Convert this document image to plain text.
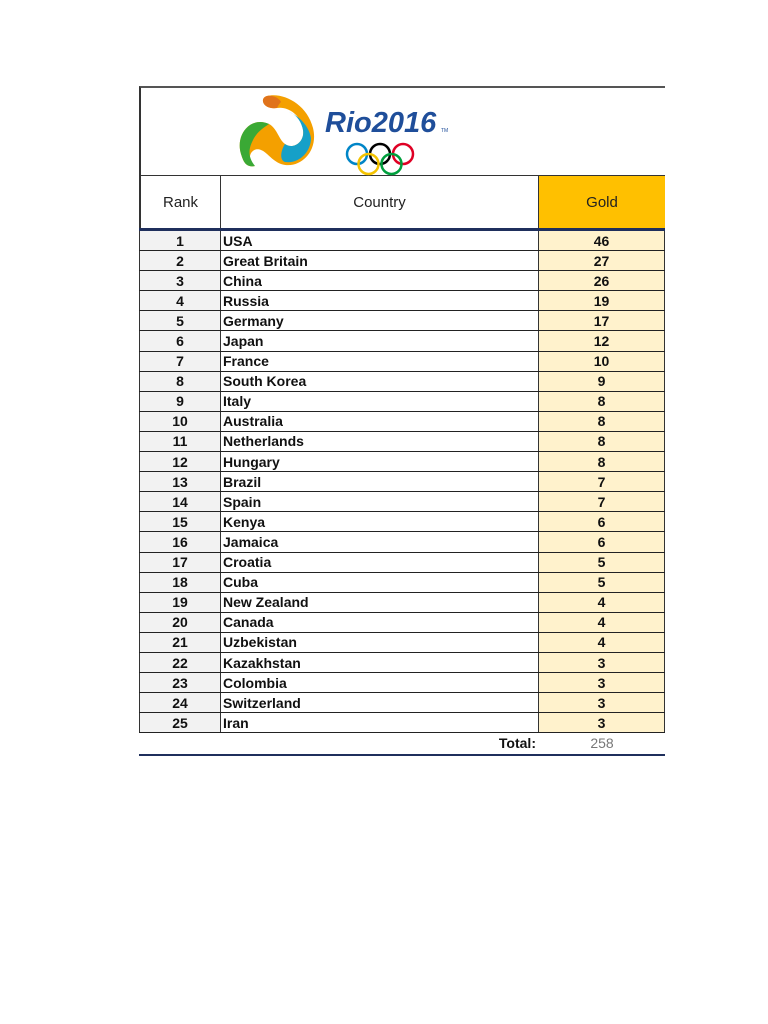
Rio2016 TM
Rank	Country	Gold
1	USA	46
2	Great Britain	27
3	China	26
4	Russia	19
5	Germany	17
6	Japan	12
7	France	10
8	South Korea	9
9	Italy	8
10	Australia	8
11	Netherlands	8
12	Hungary	8
13	Brazil	7
14	Spain	7
15	Kenya	6
16	Jamaica	6
17	Croatia	5
18	Cuba	5
19	New Zealand	4
20	Canada	4
21	Uzbekistan	4
22	Kazakhstan	3
23	Colombia	3
24	Switzerland	3
25	Iran	3
Total:	258
